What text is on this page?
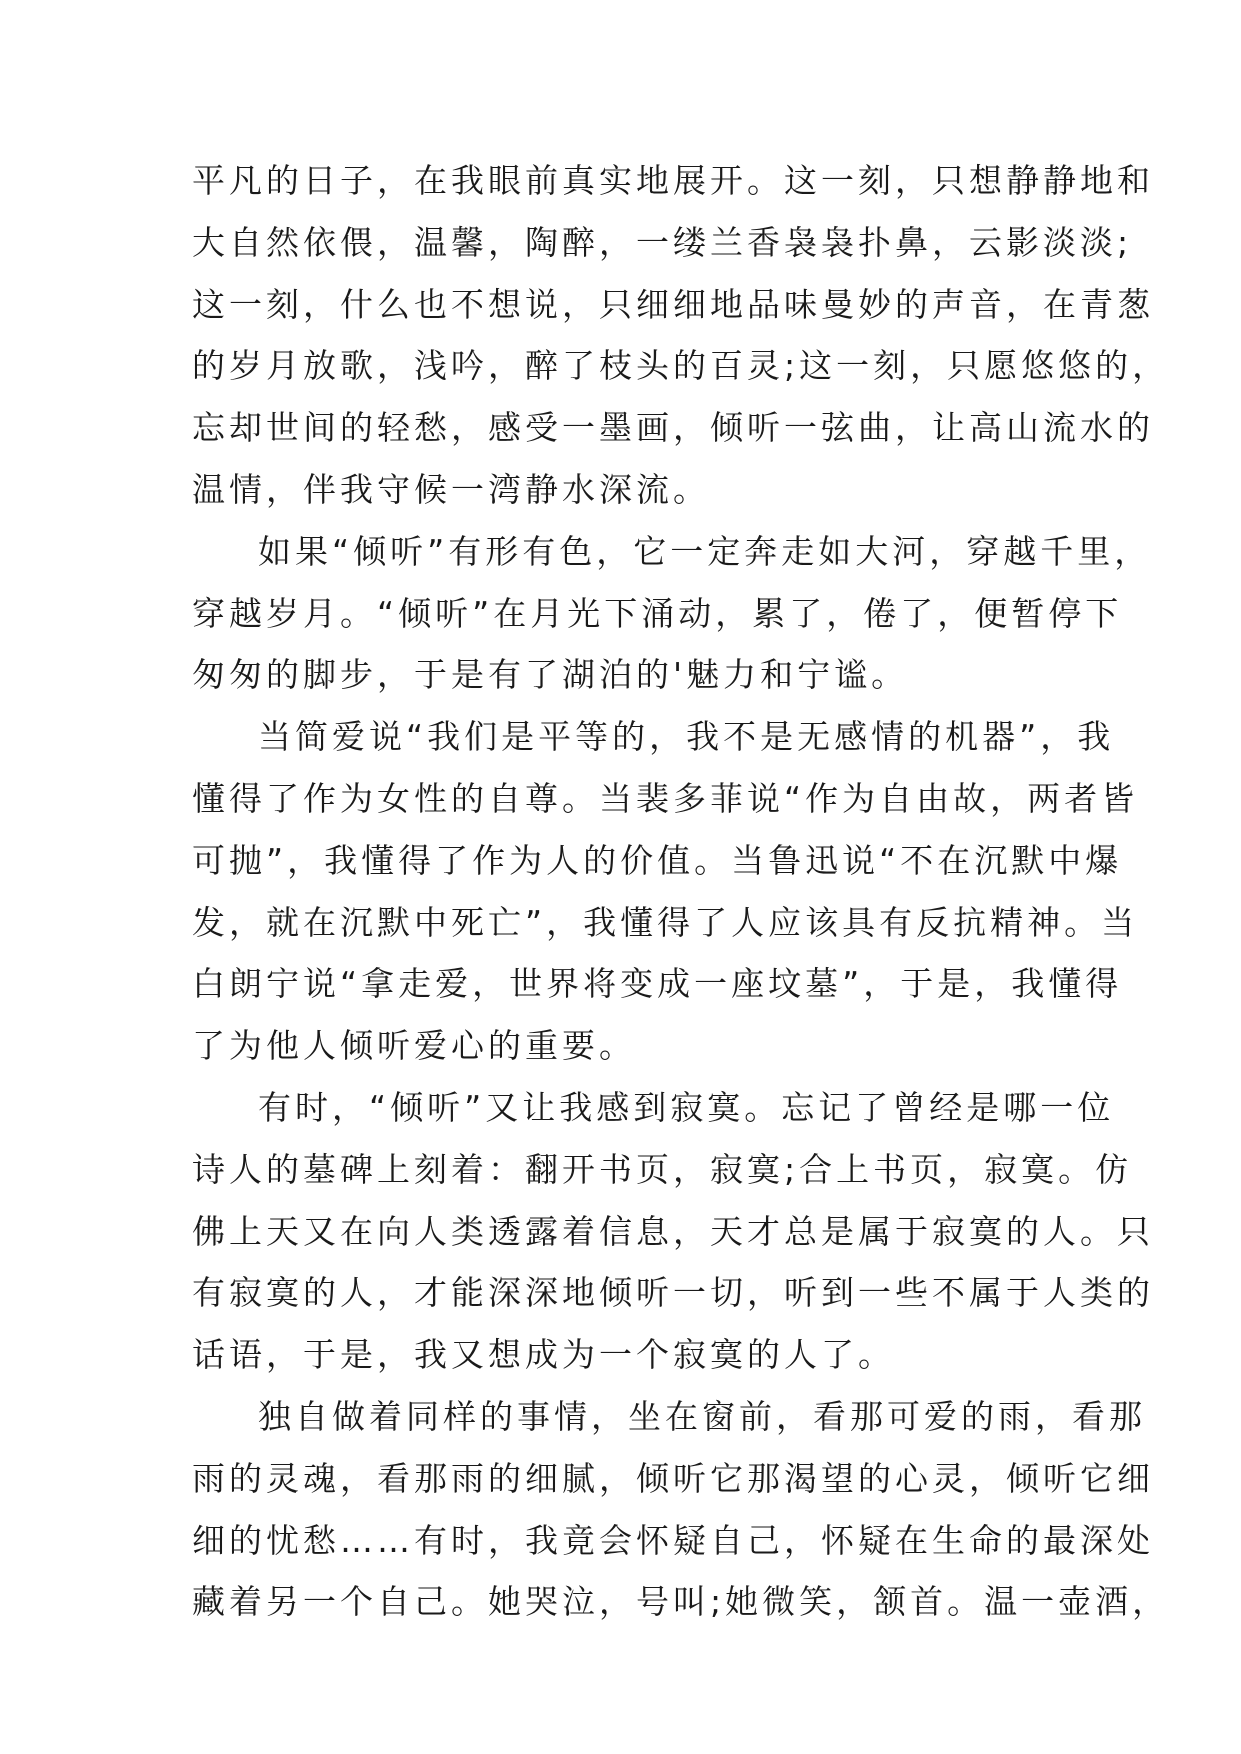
平凡的日子，在我眼前真实地展开。这一刻，只想静静地和
大自然依偎，温馨，陶醉，一缕兰香袅袅扑鼻，云影淡淡;
这一刻，什么也不想说，只细细地品味曼妙的声音，在青葱
的岁月放歌，浅吟，醉了枝头的百灵;这一刻，只愿悠悠的，
忘却世间的轻愁，感受一墨画，倾听一弦曲，让高山流水的
温情，伴我守候一湾静水深流。
如果“倾听”有形有色，它一定奔走如大河，穿越千里，
穿越岁月。“倾听”在月光下涌动，累了，倦了，便暂停下
匆匆的脚步，于是有了湖泊的'魅力和宁谧。
当简爱说“我们是平等的，我不是无感情的机器”，我
懂得了作为女性的自尊。当裴多菲说“作为自由故，两者皆
可抛”，我懂得了作为人的价值。当鲁迅说“不在沉默中爆
发，就在沉默中死亡”，我懂得了人应该具有反抗精神。当
白朗宁说“拿走爱，世界将变成一座坟墓”，于是，我懂得
了为他人倾听爱心的重要。
有时，“倾听”又让我感到寂寞。忘记了曾经是哪一位
诗人的墓碑上刻着：翻开书页，寂寞;合上书页，寂寞。仿
佛上天又在向人类透露着信息，天才总是属于寂寞的人。只
有寂寞的人，才能深深地倾听一切，听到一些不属于人类的
话语，于是，我又想成为一个寂寞的人了。
独自做着同样的事情，坐在窗前，看那可爱的雨，看那
雨的灵魂，看那雨的细腻，倾听它那渴望的心灵，倾听它细
细的忧愁……有时，我竟会怀疑自己，怀疑在生命的最深处
藏着另一个自己。她哭泣，号叫;她微笑，颔首。温一壶酒，
